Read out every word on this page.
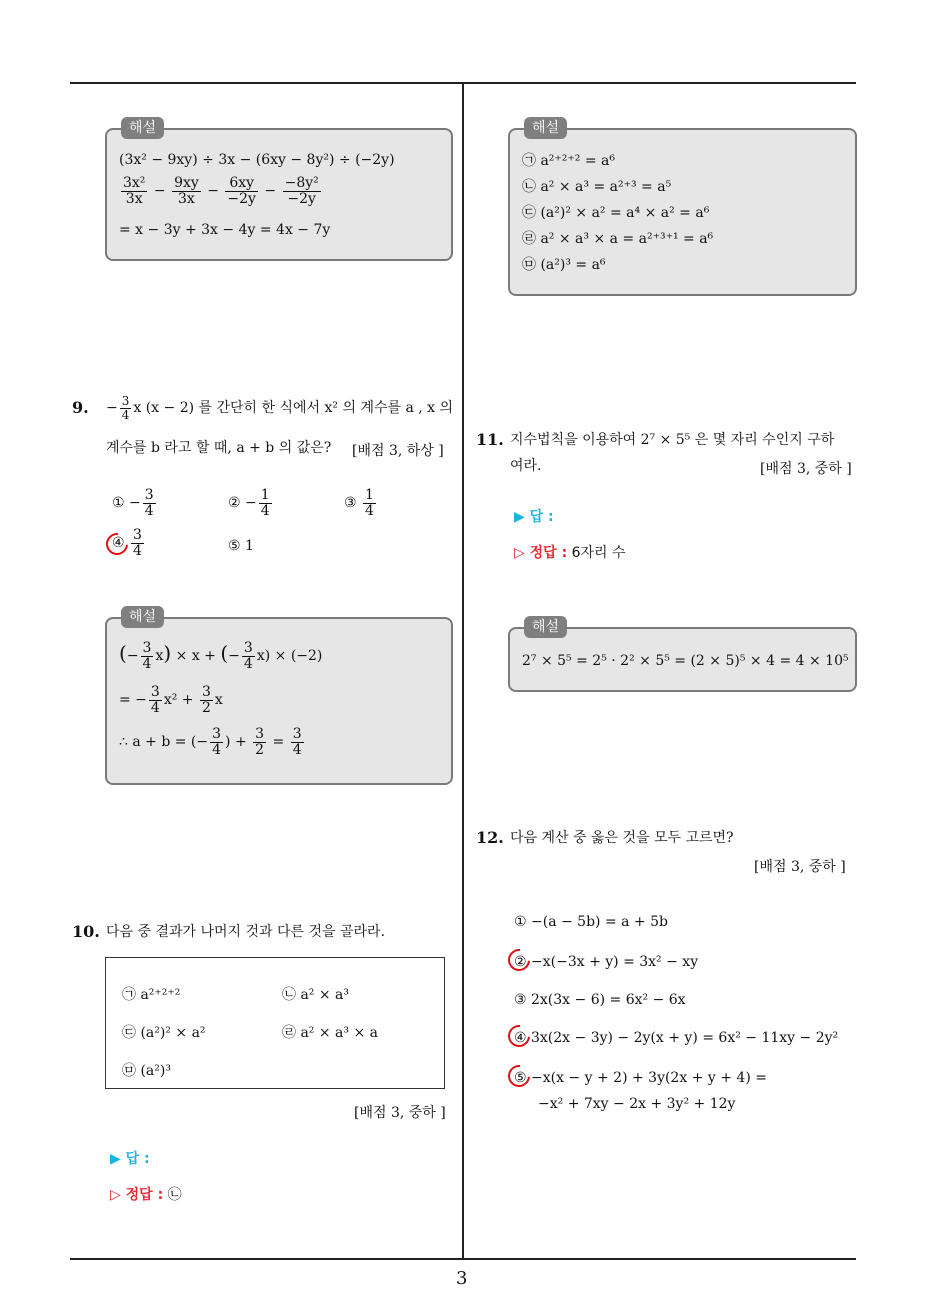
해설
(3x² − 9xy) ÷ 3x − (6xy − 8y²) ÷ (−2y)
$\frac{\text{3x²}}{3x} - \frac{9xy}{3x} - \frac{6xy}{-2y} - \frac{\text{−8y²}}{-2y}$
= x − 3y + 3x − 4y = 4x − 7y
9. − $\frac{3}{4}$ x (x − 2) 를 간단히 한 식에서 x² 의 계수를 a , x 의
계수를 b 라고 할 때, a + b 의 값은? [배점 3, 하상 ]
① − $\frac{3}{4}$	② − $\frac{1}{4}$	③ $\frac{1}{4}$
④ $\frac{3}{4}$	⑤ 1
해설
(− $\frac{3}{4} x) \times x$ + (− $\frac{3}{4} x) \times (-2)$
= − $\frac{3}{4} x^2 + \frac{3}{2}$ x
∴ a + b = (− $\frac{3}{4}$ ) + $\frac{3}{2} = \frac{3}{4}$
10. 다음 중 결과가 나머지 것과 다른 것을 골라라.
㉠ a²⁺²⁺²	㉡ a² × a³
㉢ (a²)² × a²	㉣ a² × a³ × a
㉤ (a²)³
[배점 3, 중하 ]
▶ 답 :
▷ 정답 : ㉡
해설
㉠ a²⁺²⁺² = a⁶
㉡ a² × a³ = a²⁺³ = a⁵
㉢ (a²)² × a² = a⁴ × a² = a⁶
㉣ a² × a³ × a = a²⁺³⁺¹ = a⁶
㉤ (a²)³ = a⁶
11. 지수법칙을 이용하여 2⁷ × 5⁵ 은 몇 자리 수인지 구하
여라.	[배점 3, 중하 ]
▶ 답 :
▷ 정답 : 6자리 수
해설
2⁷ × 5⁵ = 2⁵ · 2² × 5⁵ = (2 × 5)⁵ × 4 = 4 × 10⁵
12. 다음 계산 중 옳은 것을 모두 고르면?
[배점 3, 중하 ]
① −(a − 5b) = a + 5b
② −x(−3x + y) = 3x² − xy
③ 2x(3x − 6) = 6x² − 6x
④ 3x(2x − 3y) − 2y(x + y) = 6x² − 11xy − 2y²
⑤ −x(x − y + 2) + 3y(2x + y + 4) =
−x² + 7xy − 2x + 3y² + 12y
3
